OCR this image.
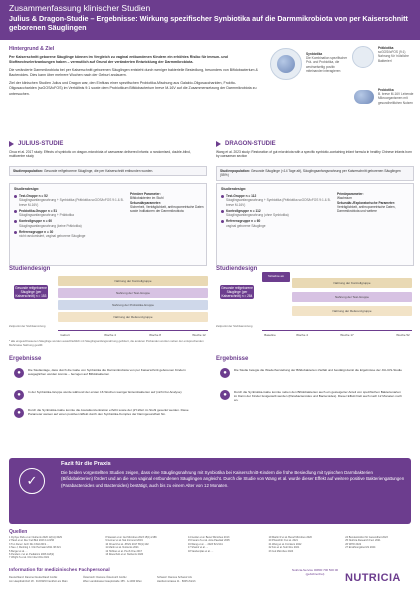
Zusammenfassung klinischer Studien
Julius & Dragon-Studie – Ergebnisse: Wirkung spezifischer Synbiotika auf die Darmmikrobiota von per Kaiserschnitt geborenen Säuglingen
Hintergrund & Ziel

Per Kaiserschnitt geborene Säuglinge können im Vergleich zu vaginal entbundenen Kindern ein erhöhtes Risiko für immun- und Stoffwechselerkrankungen haben – vermutlich auf Grund der veränderten Entwicklung der Darmmikrobiota.

Die veränderte Darmmikrobiota bei per Kaiserschnitt geborenen Säuglingen entsteht durch weniger bakterielle Besiedlung, besonders von Bifidobacterium & Bacteroides. Dies kann über mehrere Wochen nach der Geburt andauern.

Ziel der klinischen Studien Julius und Dragon war, den Einfluss einer spezifischen Probiotika-Mischung aus Galakto-Oligosacchariden, Fruktto-Oligosacchariden (scGOS/lcFOS) im Verhältnis 9:1 sowie dem Probiotikum Bifidobacterium breve M-16V auf die Zusammensetzung der Darmmikrobiota zu untersuchen.

Synbiotika
Die Kombination spezifischer Prä- und Probiotika, die wechselseitig positiv miteinander interagieren
Präbiotika
scGOS/lcFOS (9:1) Nahrung für 'nützliche Bakterien'
Probiotika
B. breve M-16V Lebende Mikroorganismen mit gesundheitlichen Nutzen
JULIUS-STUDIE
Chua et al. 2017 study: Effects of synbiotic on dragon-microbiota of caesarean delivered infants: a randomised, double-blind, multicentre study
Studienpopulation: Gesunde reifgeborene Säuglinge, die per Kaiserschnitt entbunden wurden.
Studiendesign:
Test-Gruppe n = 52
Säuglingsanfangsnahrung + Synbiotika (Präbiotika scGOS/lcFOS 9:1 & B. breve M-16V)
Probiotika-Gruppe n = 51
Säuglingsanfangsnahrung + Präbiotika
Kontrollgruppe n = 60
Säuglingsanfangsnahrung (keine Präbiotika)
Referenzgruppe n = 30
nicht randomisiert, vaginal geborene Säuglinge
Primärer Parameter:
Bifidobakterien im Stuhl
Sekundärparameter:
Sicherheit, Verträglichkeit, anthropometrische Daten sowie Indikatoren der Darmmikrobiota
DRAGON-STUDIE
Wang et al. 2023 study: Restoration of gut microbiota with a specific synbiotic-containing infant formula in healthy Chinese infants born by caesarean section
Studienpopulation: Gesunde Säuglinge (<14 Tage alt), Säuglingsanfangsnahrung per Kaiserschnitt geborenen Säuglingen (55%)
Studiendesign:
Test-Gruppe n = 112
Säuglingsanfangsnahrung + Synbiotika (Präbiotika scGOS/lcFOS 9:1 & B. breve M-16V)
Kontrollgruppe n = 112
Säuglingsanfangsnahrung (ohne Synbiotika)
Referenzgruppe n = 60
vaginal geborene Säuglinge
Primärparameter:
Wachstum
Sekundär-/Exploratorische Parameter:
Verträglichkeit, anthropometrische Daten, Darmmikrobiota und weitere
Studiendesign
Gesunde reifgeborene Säuglinge (per Kaiserschnitt) n = 153
Nahrung der Kontrollgruppe
Nahrung der Test-Gruppe
Nahrung der Probiotika-Gruppe
Nahrung der Referenzgruppe
Zeitpunkt der Stuhlsammlung
Geburt	Woche 4	Woche 8	Woche 12
* alle eingeschlossenen Säuglinge wurden ausschließlich mit Säuglingsanfangsnahrung gefüttert, die anderen Probanden wurden neben der entsprechenden Mehrrasse Nahrung gestillt
Studiendesign
Gesunde reifgeborene Säuglinge (per Kaiserschnitt) n = 284
Teilnahme am Screening
Nahrung der Kontrollgruppe
Nahrung der Test-Gruppe
Nahrung der Referenzgruppe
Zeitpunkt der Stuhlsammlung
Baseline	Woche 4	Woche 17	Woche 52
Ergebnisse
●	Die Studienlage, dass durch die Gabe von Synbiotika die Darmmikrobiota von per Kaiserschnitt geborenen Kindern ausgeglichen werden konnte – bezogen auf Bifidobakterien
●	In der Synbiotika-Gruppe wurde während der ersten 16 Wochen weniger Enterobakterien auf (nicht frei Analyse)
●	Durch die Synbiotika-Gabe konnte die Acetatkonzentration erhöht sowie der pH-Wert im Stuhl gesenkt werden. Diese Parameter weisen auf einen positiven Effekt durch den Synbiotika-Komplex der Darmgesundheit hin.
Ergebnisse
●	Die Studie belegte die Wiederherstellung der Bifidobakterien-Vielfalt und bestätigt damit die Ergebnisse der JULIUS-Studie
●	Durch die Synbiotika-Gabe konnte neben den Bifidobakterien auch ein gesteigerter Anteil von spezifischen Bakterienarten im Darm der Kinder festgestellt werden (Parabacteroides und Bacteroides). Dieser Effekt hielt auch nach 12 Monaten noch an.
✓
Fazit für die Praxis
Die beiden vorgestellten Studien zeigen, dass eine Säuglingsnahrung mit Synbiotika bei Kaiserschnitt-Kindern die frühe Besiedlung mit typischen Darmbakterien (Bifidobakterien) fördert und an die von vaginal entbundenen Säuglingen angleicht. Durch die Studie von Wang et al. wurde dieser Effekt auf weitere positive Bakteriengattungen (Parabacteroides und Bacteroides) bestätigt, auch bis zu einem Alter von 12 Monaten.
Quellen
1 Dyrbye Park et al. Nutrients 2020 12(11):3429
2 Hand et al. Rev Cell Biol 2023 11:2156
3 Tun Derez. Arch Dis Child 2019 ...
4 Neu J, Rushing J. Clin Perinatol 2011 38:321
5 Berger et al. ...
6 Penders J et al. Pediatrics 2006 118(2)
7 Wright S et al. Clin Infect Dis 2021
8 Stewart et al. Gut Microbes 2023 15(1):2186
9 Gomez et al. Nat Immunol 2019
10 Chua M et al. JPGN 2017 65(1):102
11 Martin et al. Nutrients 2021
12 Hobbes et al. PLoS One 2017
13 Roeschott et al. Nutrients 2020
14 Gelder et al. Benef Microbes 2013
15 Fanaro S et al. Acta Paediatr 2005
16 Wang et al. ... 2023 52:2141
17 Shamir et al. ...
18 Vandenplas et al. ...
19 Martin R et al. Benef Microbes 2020
20 Phavichitr N et al. 2021
21 Wang et al. Frontiers 2022
22 Kos et al. Nutr Rev 2021
23 Gut Microbes 2024
24 Bundesinstitut für Gesundheit 2023
25 Nutricia Research Fed. 2021
26 WHO 2022
27 Ernährungsbericht 2024
Information für medizinisches Fachpersonal
Deutschland: Danone Deutschland GmbH
Am Hauptbahnhof 18 · D-60329 Frankfurt am Main
Österreich: Danone Österreich GmbH
Wien Landstrasser Hauptstraße 155 · A-1030 Wien
Schweiz: Danone Schweiz AG
Hardturmstrasse 11 · 8005 Zürich
Nutricia-Service 00800 700 500 00 (gebührenfrei)	NUTRICIA
